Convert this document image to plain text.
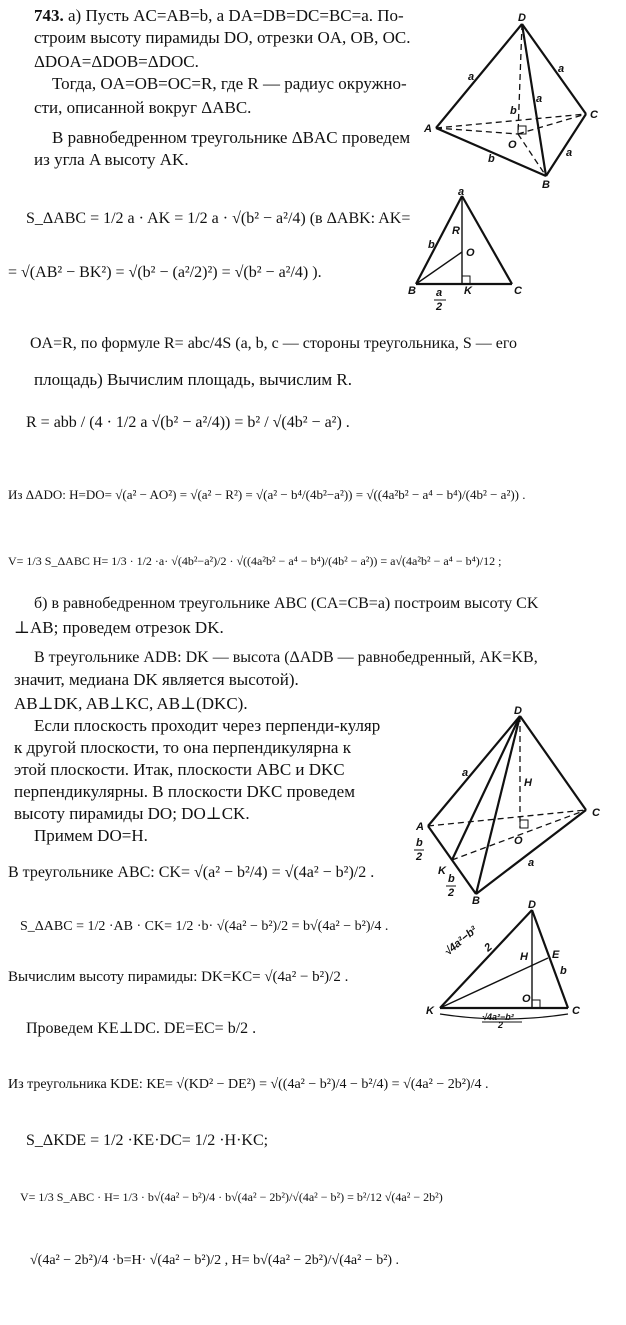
743. а) Пусть AC=AB=b, а DA=DB=DC=BC=a. По-
строим высоту пирамиды DO, отрезки OA, OB, OC.
ΔDOA=ΔDOB=ΔDOC.
Тогда, OA=OB=OC=R, где R — радиус окружно-
сти, описанной вокруг ΔABC.
В равнобедренном треугольнике ΔBAC проведем
из угла A высоту AK.
S_ΔABC = 1/2 a · AK = 1/2 a · √(b² − a²/4) (в ΔABK: AK=
= √(AB² − BK²) = √(b² − (a²/2)²) = √(b² − a²/4) ).
OA=R, по формуле R= abc/4S (a, b, c — стороны треугольника, S — его
площадь) Вычислим площадь, вычислим R.
R = abb / (4 · 1/2 a √(b² − a²/4)) = b² / √(4b² − a²) .
Из ΔADO: H=DO= √(a² − AO²) = √(a² − R²) = √(a² − b⁴/(4b²−a²)) = √((4a²b² − a⁴ − b⁴)/(4b² − a²)) .
V= 1/3 S_ΔABC H= 1/3 · 1/2 ·a· √(4b²−a²)/2 · √((4a²b² − a⁴ − b⁴)/(4b² − a²)) = a√(4a²b² − a⁴ − b⁴)/12 ;
б) в равнобедренном треугольнике ABC (CA=CB=a) построим высоту CK
⊥AB; проведем отрезок DK.
В треугольнике ADB: DK — высота (ΔADB — равнобедренный, AK=KB,
значит, медиана DK является высотой).
AB⊥DK, AB⊥KC, AB⊥(DKC).
Если плоскость проходит через перпенди-куляр
к другой плоскости, то она перпендикулярна к
этой плоскости. Итак, плоскости ABC и DKC
перпендикулярны. В плоскости DKC проведем
высоту пирамиды DO; DO⊥CK.
Примем DO=H.
В треугольнике ABC: CK= √(a² − b²/4) = √(4a² − b²)/2 .
S_ΔABC = 1/2 ·AB · CK= 1/2 ·b· √(4a² − b²)/2 = b√(4a² − b²)/4 .
Вычислим высоту пирамиды: DK=KC= √(4a² − b²)/2 .
Проведем KE⊥DC. DE=EC= b/2 .
Из треугольника KDE: KE= √(KD² − DE²) = √((4a² − b²)/4 − b²/4) = √(4a² − 2b²)/4 .
S_ΔKDE = 1/2 ·KE·DC= 1/2 ·H·KC;
V= 1/3 S_ABC · H= 1/3 · b√(4a² − b²)/4 · b√(4a² − 2b²)/√(4a² − b²) = b²/12 √(4a² − 2b²)
√(4a² − 2b²)/4 ·b=H· √(4a² − b²)/2 , H= b√(4a² − 2b²)/√(4a² − b²) .
D
A
B
C
O
a
a
a
b
b	a
a
b
R
O
B	K	C
a
2
D
a
H
C
A
O
a
b
2
K
b
2
B	D
√4a²−b² 2
H E
b
O
K	C
√4a²−b²
2
